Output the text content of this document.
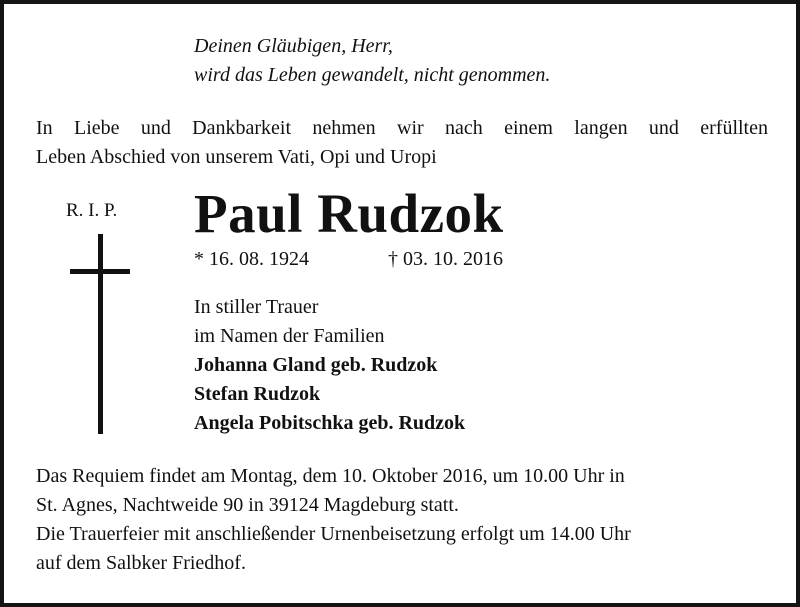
Deinen Gläubigen, Herr,
wird das Leben gewandelt, nicht genommen.
In Liebe und Dankbarkeit nehmen wir nach einem langen und erfüllten
Leben Abschied von unserem Vati, Opi und Uropi
R. I. P. Paul Rudzok
* 16. 08. 1924	† 03. 10. 2016
In stiller Trauer
im Namen der Familien
Johanna Gland geb. Rudzok
Stefan Rudzok
Angela Pobitschka geb. Rudzok
Das Requiem findet am Montag, dem 10. Oktober 2016, um 10.00 Uhr in
St. Agnes, Nachtweide 90 in 39124 Magdeburg statt.
Die Trauerfeier mit anschließender Urnenbeisetzung erfolgt um 14.00 Uhr
auf dem Salbker Friedhof.
